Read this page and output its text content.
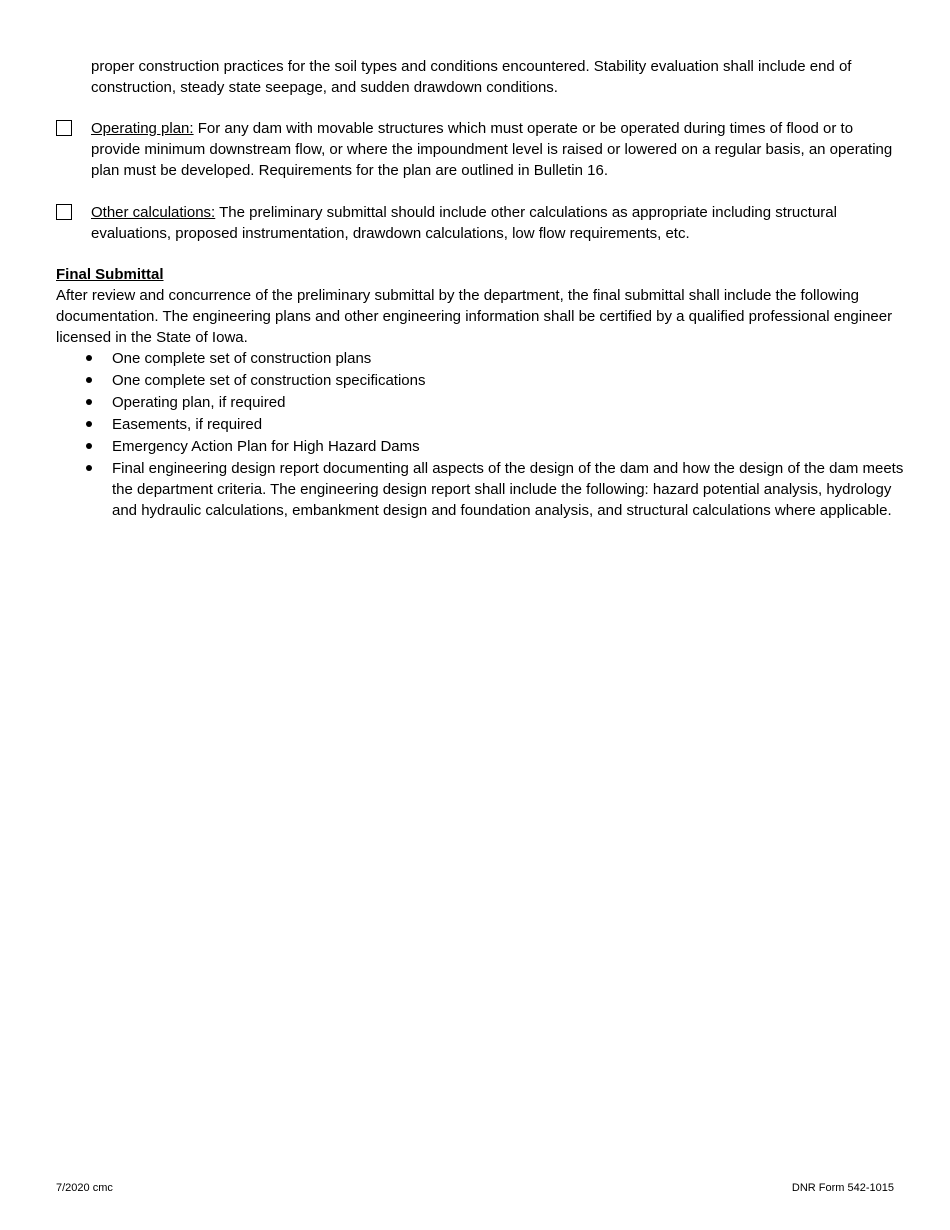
proper construction practices for the soil types and conditions encountered. Stability evaluation shall include end of construction, steady state seepage, and sudden drawdown conditions.

Operating plan: For any dam with movable structures which must operate or be operated during times of flood or to provide minimum downstream flow, or where the impoundment level is raised or lowered on a regular basis, an operating plan must be developed. Requirements for the plan are outlined in Bulletin 16.

Other calculations: The preliminary submittal should include other calculations as appropriate including structural evaluations, proposed instrumentation, drawdown calculations, low flow requirements, etc.

Final Submittal

After review and concurrence of the preliminary submittal by the department, the final submittal shall include the following documentation. The engineering plans and other engineering information shall be certified by a qualified professional engineer licensed in the State of Iowa.

One complete set of construction plans
One complete set of construction specifications
Operating plan, if required
Easements, if required
Emergency Action Plan for High Hazard Dams
Final engineering design report documenting all aspects of the design of the dam and how the design of the dam meets the department criteria. The engineering design report shall include the following: hazard potential analysis, hydrology and hydraulic calculations, embankment design and foundation analysis, and structural calculations where applicable.
7/2020 cmc	DNR Form 542-1015
